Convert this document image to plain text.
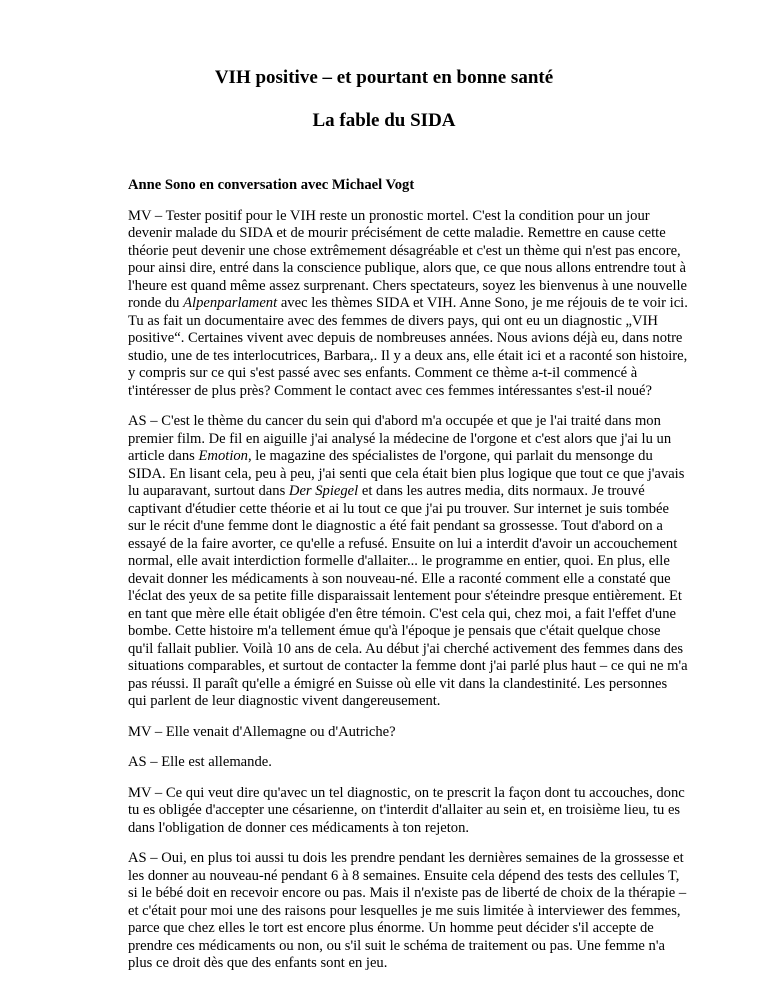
VIH positive – et pourtant en bonne santé
La fable du SIDA

Anne Sono en conversation avec Michael Vogt

MV – Tester positif pour le VIH reste un pronostic mortel. C'est la condition pour un jour devenir malade du SIDA et de mourir précisément de cette maladie. Remettre en cause cette théorie peut devenir une chose extrêmement désagréable et c'est un thème qui n'est pas encore, pour ainsi dire, entré dans la conscience publique, alors que, ce que nous allons entrendre tout à l'heure est quand même assez surprenant. Chers spectateurs, soyez les bienvenus à une nouvelle ronde du Alpenparlament avec les thèmes SIDA et VIH. Anne Sono, je me réjouis de te voir ici. Tu as fait un documentaire avec des femmes de divers pays, qui ont eu un diagnostic „VIH positive“. Certaines vivent avec depuis de nombreuses années. Nous avions déjà eu, dans notre studio, une de tes interlocutrices, Barbara,. Il y a deux ans, elle était ici et a raconté son histoire, y compris sur ce qui s'est passé avec ses enfants. Comment ce thème a-t-il commencé à t'intéresser de plus près? Comment le contact avec ces femmes intéressantes s'est-il noué?

AS – C'est le thème du cancer du sein qui d'abord m'a occupée et que je l'ai traité dans mon premier film. De fil en aiguille j'ai analysé la médecine de l'orgone et c'est alors que j'ai lu un article dans Emotion, le magazine des spécialistes de l'orgone, qui parlait du mensonge du SIDA. En lisant cela, peu à peu, j'ai senti que cela était bien plus logique que tout ce que j'avais lu auparavant, surtout dans Der Spiegel et dans les autres media, dits normaux. Je trouvé captivant d'étudier cette théorie et ai lu tout ce que j'ai pu trouver. Sur internet je suis tombée sur le récit d'une femme dont le diagnostic a été fait pendant sa grossesse. Tout d'abord on a essayé de la faire avorter, ce qu'elle a refusé. Ensuite on lui a interdit d'avoir un accouchement normal, elle avait interdiction formelle d'allaiter... le programme en entier, quoi. En plus, elle devait donner les médicaments à son nouveau-né. Elle a raconté comment elle a constaté que l'éclat des yeux de sa petite fille disparaissait lentement pour s'éteindre presque entièrement. Et en tant que mère elle était obligée d'en être témoin. C'est cela qui, chez moi, a fait l'effet d'une bombe. Cette histoire m'a tellement émue qu'à l'époque je pensais que c'était quelque chose qu'il fallait publier. Voilà 10 ans de cela. Au début j'ai cherché activement des femmes dans des situations comparables, et surtout de contacter la femme dont j'ai parlé plus haut – ce qui ne m'a pas réussi. Il paraît qu'elle a émigré en Suisse où elle vit dans la clandestinité. Les personnes qui parlent de leur diagnostic vivent dangereusement.

MV – Elle venait d'Allemagne ou d'Autriche?

AS – Elle est allemande.

MV – Ce qui veut dire qu'avec un tel diagnostic, on te prescrit la façon dont tu accouches, donc tu es obligée d'accepter une césarienne, on t'interdit d'allaiter au sein et, en troisième lieu, tu es dans l'obligation de donner ces médicaments à ton rejeton.

AS – Oui, en plus toi aussi tu dois les prendre pendant les dernières semaines de la grossesse et les donner au nouveau-né pendant 6 à 8 semaines. Ensuite cela dépend des tests des cellules T, si le bébé doit en recevoir encore ou pas. Mais il n'existe pas de liberté de choix de la thérapie – et c'était pour moi une des raisons pour lesquelles je me suis limitée à interviewer des femmes, parce que chez elles le tort est encore plus énorme. Un homme peut décider s'il accepte de prendre ces médicaments ou non, ou s'il suit le schéma de traitement ou pas. Une femme n'a plus ce droit dès que des enfants sont en jeu.
